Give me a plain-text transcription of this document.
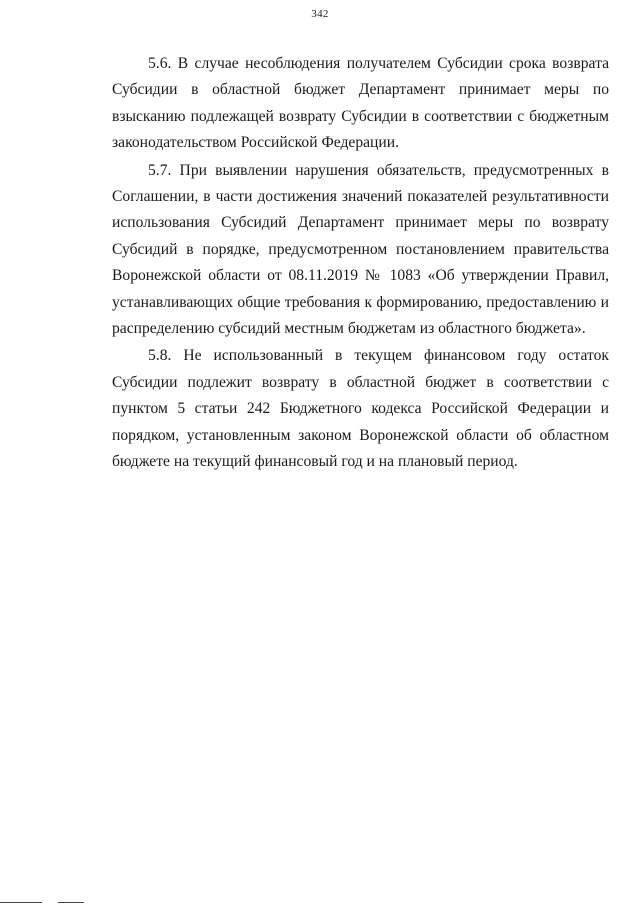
342

5.6. В случае несоблюдения получателем Субсидии срока возврата Субсидии в областной бюджет Департамент принимает меры по взысканию подлежащей возврату Субсидии в соответствии с бюджетным законодательством Российской Федерации.

5.7. При выявлении нарушения обязательств, предусмотренных в Соглашении, в части достижения значений показателей результативности использования Субсидий Департамент принимает меры по возврату Субсидий в порядке, предусмотренном постановлением правительства Воронежской области от 08.11.2019 № 1083 «Об утверждении Правил, устанавливающих общие требования к формированию, предоставлению и распределению субсидий местным бюджетам из областного бюджета».

5.8. Не использованный в текущем финансовом году остаток Субсидии подлежит возврату в областной бюджет в соответствии с пунктом 5 статьи 242 Бюджетного кодекса Российской Федерации и порядком, установленным законом Воронежской области об областном бюджете на текущий финансовый год и на плановый период.
